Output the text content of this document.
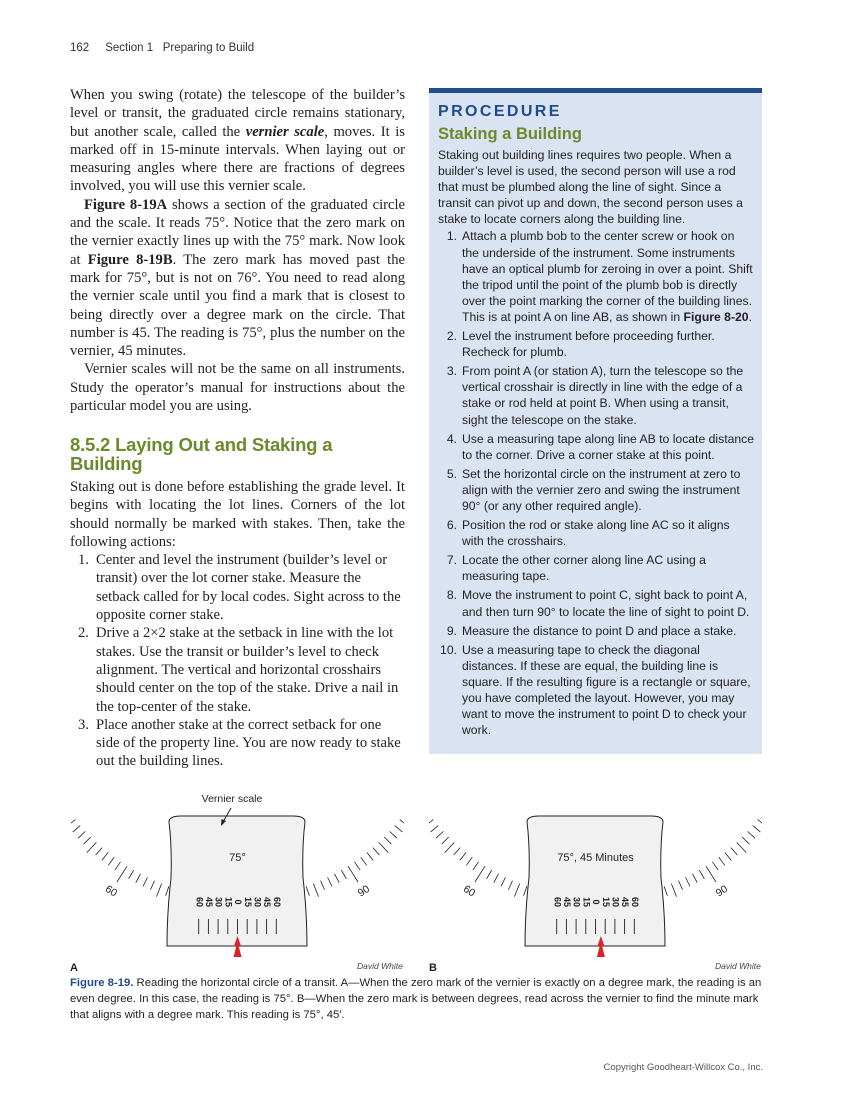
162 Section 1   Preparing to Build

When you swing (rotate) the telescope of the builder’s level or transit, the graduated circle remains stationary, but another scale, called the vernier scale, moves. It is marked off in 15-minute intervals. When laying out or measuring angles where there are fractions of degrees involved, you will use this vernier scale.

Figure 8-19A shows a section of the graduated circle and the scale. It reads 75°. Notice that the zero mark on the vernier exactly lines up with the 75° mark. Now look at Figure 8-19B. The zero mark has moved past the mark for 75°, but is not on 76°. You need to read along the vernier scale until you find a mark that is closest to being directly over a degree mark on the circle. That number is 45. The reading is 75°, plus the number on the vernier, 45 minutes.

Vernier scales will not be the same on all instruments. Study the operator’s manual for instructions about the particular model you are using.

8.5.2 Laying Out and Staking a Building

Staking out is done before establishing the grade level. It begins with locating the lot lines. Corners of the lot should normally be marked with stakes. Then, take the following actions:

1. Center and level the instrument (builder’s level or transit) over the lot corner stake. Measure the setback called for by local codes. Sight across to the opposite corner stake.
2. Drive a 2×2 stake at the setback in line with the lot stakes. Use the transit or builder’s level to check alignment. The vertical and horizontal crosshairs should center on the top of the stake. Drive a nail in the top-center of the stake.
3. Place another stake at the correct setback for one side of the property line. You are now ready to stake out the building lines.
PROCEDURE
Staking a Building
Staking out building lines requires two people. When a builder’s level is used, the second person will use a rod that must be plumbed along the line of sight. Since a transit can pivot up and down, the second person uses a stake to locate corners along the building line.
1. Attach a plumb bob to the center screw or hook on the underside of the instrument. Some instruments have an optical plumb for zeroing in over a point. Shift the tripod until the point of the plumb bob is directly over the point marking the corner of the building lines. This is at point A on line AB, as shown in Figure 8-20.
2. Level the instrument before proceeding further. Recheck for plumb.
3. From point A (or station A), turn the telescope so the vertical crosshair is directly in line with the edge of a stake or rod held at point B. When using a transit, sight the telescope on the stake.
4. Use a measuring tape along line AB to locate distance to the corner. Drive a corner stake at this point.
5. Set the horizontal circle on the instrument at zero to align with the vernier zero and swing the instrument 90° (or any other required angle).
6. Position the rod or stake along line AC so it aligns with the crosshairs.
7. Locate the other corner along line AC using a measuring tape.
8. Move the instrument to point C, sight back to point A, and then turn 90° to locate the line of sight to point D.
9. Measure the distance to point D and place a stake.
10. Use a measuring tape to check the diagonal distances. If these are equal, the building line is square. If the resulting figure is a rectangle or square, you have completed the layout. However, you may want to move the instrument to point D to check your work.
60	90
60 45 30 15 0 15 30 45 60
75°
Vernier scale
A	David White
60	90
60 45 30 15 0 15 30 45 60
75°, 45 Minutes
B	David White
Figure 8-19. Reading the horizontal circle of a transit. A—When the zero mark of the vernier is exactly on a degree mark, the reading is an even degree. In this case, the reading is 75°. B—When the zero mark is between degrees, read across the vernier to find the minute mark that aligns with a degree mark. This reading is 75°, 45′.
Copyright Goodheart-Willcox Co., Inc.
